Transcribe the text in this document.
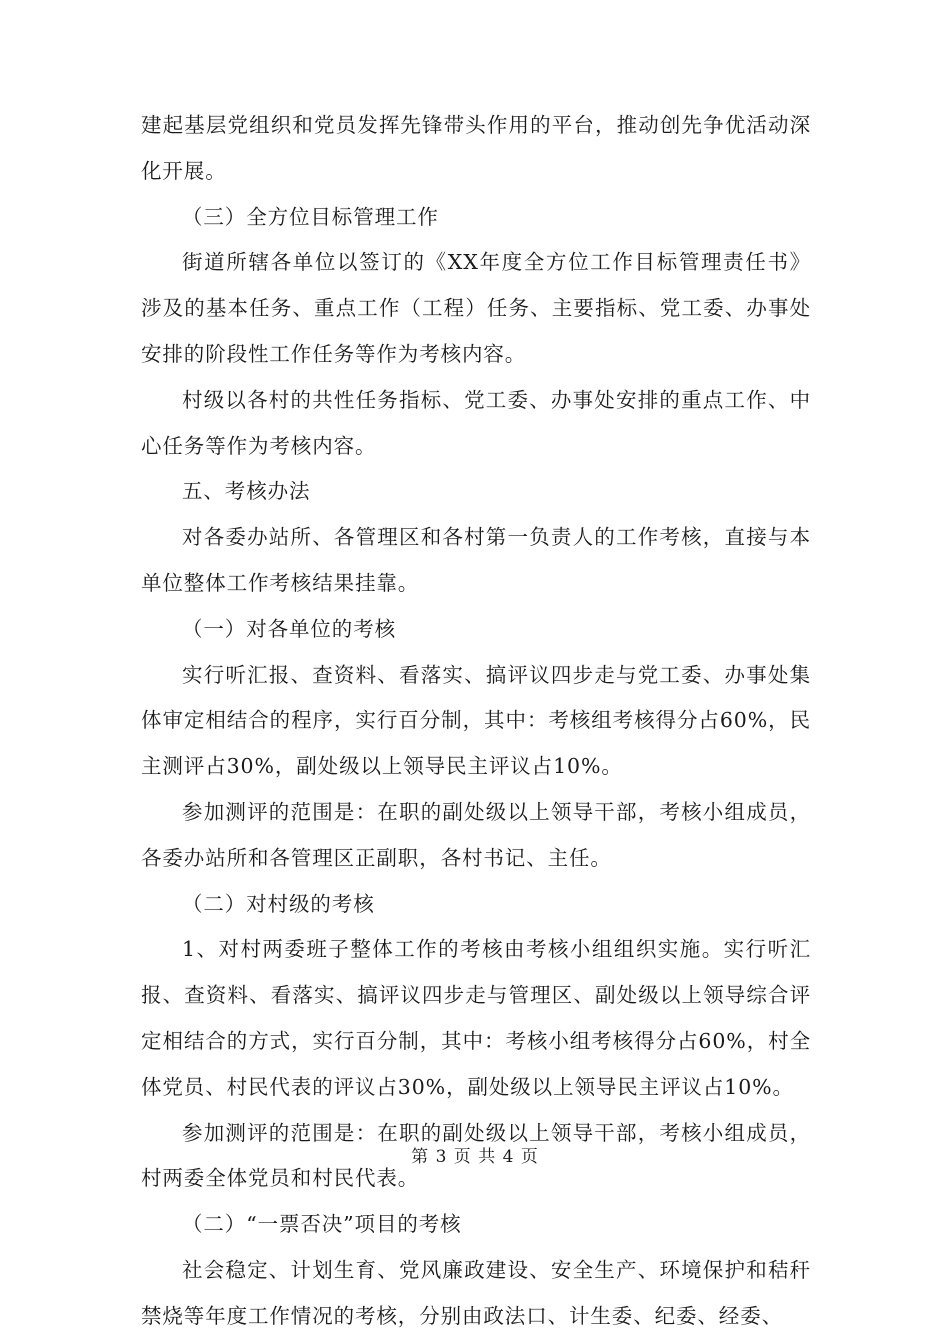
建起基层党组织和党员发挥先锋带头作用的平台，推动创先争优活动深化开展。

（三）全方位目标管理工作

街道所辖各单位以签订的《XX年度全方位工作目标管理责任书》涉及的基本任务、重点工作（工程）任务、主要指标、党工委、办事处安排的阶段性工作任务等作为考核内容。

村级以各村的共性任务指标、党工委、办事处安排的重点工作、中心任务等作为考核内容。

五、考核办法

对各委办站所、各管理区和各村第一负责人的工作考核，直接与本单位整体工作考核结果挂靠。

（一）对各单位的考核

实行听汇报、查资料、看落实、搞评议四步走与党工委、办事处集体审定相结合的程序，实行百分制，其中：考核组考核得分占60%，民主测评占30%，副处级以上领导民主评议占10%。

参加测评的范围是：在职的副处级以上领导干部，考核小组成员，各委办站所和各管理区正副职，各村书记、主任。

（二）对村级的考核

1、对村两委班子整体工作的考核由考核小组组织实施。实行听汇报、查资料、看落实、搞评议四步走与管理区、副处级以上领导综合评定相结合的方式，实行百分制，其中：考核小组考核得分占60%，村全体党员、村民代表的评议占30%，副处级以上领导民主评议占10%。

参加测评的范围是：在职的副处级以上领导干部，考核小组成员，村两委全体党员和村民代表。

（二）“一票否决”项目的考核

社会稳定、计划生育、党风廉政建设、安全生产、环境保护和秸秆禁烧等年度工作情况的考核，分别由政法口、计生委、纪委、经委、

第 3 页 共 4 页
